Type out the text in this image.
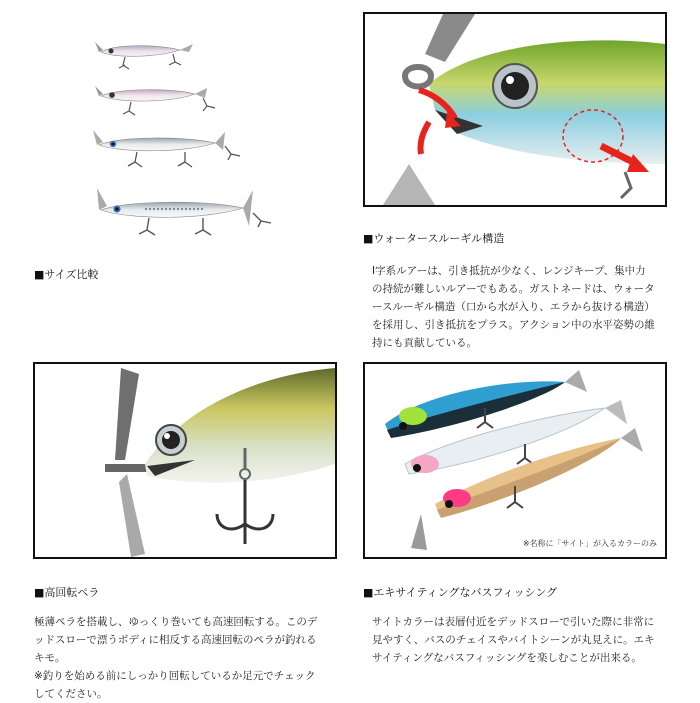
■サイズ比較
■ウォータースルーギル構造

I字系ルアーは、引き抵抗が少なく、レンジキープ、集中力

の持続が難しいルアーでもある。ガストネードは、ウォータ

ースルーギル構造（口から水が入り、エラから抜ける構造）

を採用し、引き抵抗をプラス。アクション中の水平姿勢の維

持にも貢献している。

■高回転ペラ

極薄ペラを搭載し、ゆっくり巻いても高速回転する。このデ

ッドスローで漂うボディに相反する高速回転のペラが釣れる

キモ。

※釣りを始める前にしっかり回転しているか足元でチェック

してください。

※名称に「サイト」が入るカラーのみ
■エキサイティングなバスフィッシング

サイトカラーは表層付近をデッドスローで引いた際に非常に

見やすく、バスのチェイスやバイトシーンが丸見えに。エキ

サイティングなバスフィッシングを楽しむことが出来る。
